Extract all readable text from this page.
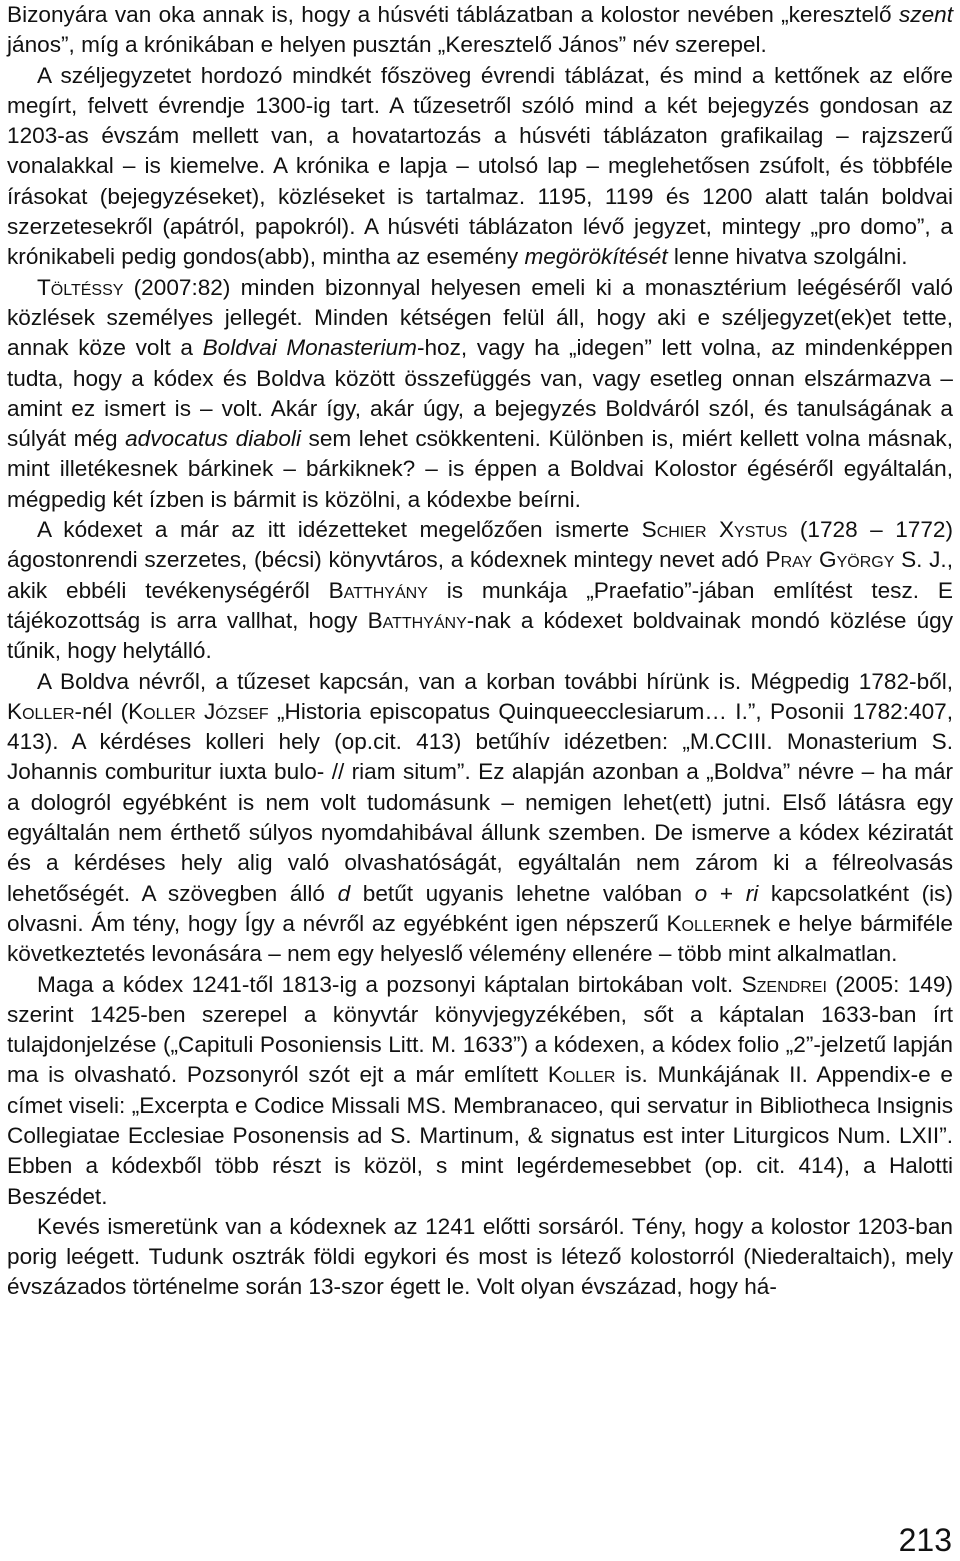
Bizonyára van oka annak is, hogy a húsvéti táblázatban a kolostor nevében „keresztelő szent jános”, míg a krónikában e helyen pusztán „Keresztelő János” név szerepel.

A széljegyzetet hordozó mindkét főszöveg évrendi táblázat, és mind a kettőnek az előre megírt, felvett évrendje 1300-ig tart. A tűzesetről szóló mind a két bejegyzés gondosan az 1203-as évszám mellett van, a hovatartozás a húsvéti táblázaton grafikailag – rajzszerű vonalakkal – is kiemelve. A krónika e lapja – utolsó lap – meglehetősen zsúfolt, és többféle írásokat (bejegyzéseket), közléseket is tartalmaz. 1195, 1199 és 1200 alatt talán boldvai szerzetesekről (apátról, papokról). A húsvéti táblázaton lévő jegyzet, mintegy „pro domo”, a krónikabeli pedig gondos(abb), mintha az esemény megörökítését lenne hivatva szolgálni.

Töltéssy (2007:82) minden bizonnyal helyesen emeli ki a monasztérium leégéséről való közlések személyes jellegét. Minden kétségen felül áll, hogy aki e széljegyzet(ek)et tette, annak köze volt a Boldvai Monasterium-hoz, vagy ha „idegen” lett volna, az mindenképpen tudta, hogy a kódex és Boldva között összefüggés van, vagy esetleg onnan elszármazva – amint ez ismert is – volt. Akár így, akár úgy, a bejegyzés Boldváról szól, és tanulságának a súlyát még advocatus diaboli sem lehet csökkenteni. Különben is, miért kellett volna másnak, mint illetékesnek bárkinek – bárkiknek? – is éppen a Boldvai Kolostor égéséről egyáltalán, mégpedig két ízben is bármit is közölni, a kódexbe beírni.

A kódexet a már az itt idézetteket megelőzően ismerte Schier Xystus (1728 – 1772) ágostonrendi szerzetes, (bécsi) könyvtáros, a kódexnek mintegy nevet adó Pray György S. J., akik ebbéli tevékenységéről Batthyány is munkája „Praefatio”-jában említést tesz. E tájékozottság is arra vallhat, hogy Batthyány-nak a kódexet boldvainak mondó közlése úgy tűnik, hogy helytálló.

A Boldva névről, a tűzeset kapcsán, van a korban további hírünk is. Mégpedig 1782-ből, Koller-nél (Koller József „Historia episcopatus Quinqueecclesiarum… I.”, Posonii 1782:407, 413). A kérdéses kolleri hely (op.cit. 413) betűhív idézetben: „M.CCIII. Monasterium S. Johannis comburitur iuxta bulo- // riam situm”. Ez alapján azonban a „Boldva” névre – ha már a dologról egyébként is nem volt tudomásunk – nemigen lehet(ett) jutni. Első látásra egy egyáltalán nem érthető súlyos nyomdahibával állunk szemben. De ismerve a kódex kéziratát és a kérdéses hely alig való olvashatóságát, egyáltalán nem zárom ki a félreolvasás lehetőségét. A szövegben álló d betűt ugyanis lehetne valóban o + ri kapcsolatként (is) olvasni. Ám tény, hogy Így a névről az egyébként igen népszerű Kollernek e helye bármiféle következtetés levonására – nem egy helyeslő vélemény ellenére – több mint alkalmatlan.

Maga a kódex 1241-től 1813-ig a pozsonyi káptalan birtokában volt. Szendrei (2005: 149) szerint 1425-ben szerepel a könyvtár könyvjegyzékében, sőt a káptalan 1633-ban írt tulajdonjelzése („Capituli Posoniensis Litt. M. 1633”) a kódexen, a kódex folio „2”-jelzetű lapján ma is olvasható. Pozsonyról szót ejt a már említett Koller is. Munkájának II. Appendix-e e címet viseli: „Excerpta e Codice Missali MS. Membranaceo, qui servatur in Bibliotheca Insignis Collegiatae Ecclesiae Posonensis ad S. Martinum, & signatus est inter Liturgicos Num. LXII”. Ebben a kódexből több részt is közöl, s mint legérdemesebbet (op. cit. 414), a Halotti Beszédet.

Kevés ismeretünk van a kódexnek az 1241 előtti sorsáról. Tény, hogy a kolostor 1203-ban porig leégett. Tudunk osztrák földi egykori és most is létező kolostorról (Niederaltaich), mely évszázados történelme során 13-szor égett le. Volt olyan évszázad, hogy há-

213
